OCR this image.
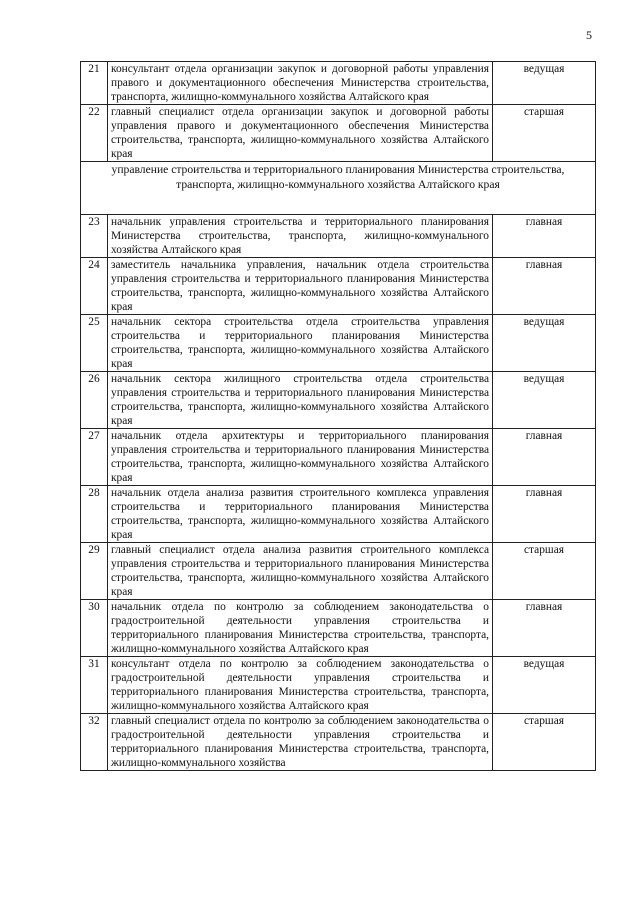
5
21	консультант отдела организации закупок и договорной работы управления правого и документационного обеспечения Министерства строительства, транспорта, жилищно-коммунального хозяйства Алтайского края	ведущая
22	главный специалист отдела организации закупок и договорной работы управления правого и документационного обеспечения Министерства строительства, транспорта, жилищно-коммунального хозяйства Алтайского края	старшая
управление строительства и территориального планирования Министерства строительства, транспорта, жилищно-коммунального хозяйства Алтайского края		
23	начальник управления строительства и территориального планирования Министерства строительства, транспорта, жилищно-коммунального хозяйства Алтайского края	главная
24	заместитель начальника управления, начальник отдела строительства управления строительства и территориального планирования Министерства строительства, транспорта, жилищно-коммунального хозяйства Алтайского края	главная
25	начальник сектора строительства отдела строительства управления строительства и территориального планирования Министерства строительства, транспорта, жилищно-коммунального хозяйства Алтайского края	ведущая
26	начальник сектора жилищного строительства отдела строительства управления строительства и территориального планирования Министерства строительства, транспорта, жилищно-коммунального хозяйства Алтайского края	ведущая
27	начальник отдела архитектуры и территориального планирования управления строительства и территориального планирования Министерства строительства, транспорта, жилищно-коммунального хозяйства Алтайского края	главная
28	начальник отдела анализа развития строительного комплекса управления строительства и территориального планирования Министерства строительства, транспорта, жилищно-коммунального хозяйства Алтайского края	главная
29	главный специалист отдела анализа развития строительного комплекса управления строительства и территориального планирования Министерства строительства, транспорта, жилищно-коммунального хозяйства Алтайского края	старшая
30	начальник отдела по контролю за соблюдением законодательства о градостроительной деятельности управления строительства и территориального планирования Министерства строительства, транспорта, жилищно-коммунального хозяйства Алтайского края	главная
31	консультант отдела по контролю за соблюдением законодательства о градостроительной деятельности управления строительства и территориального планирования Министерства строительства, транспорта, жилищно-коммунального хозяйства Алтайского края	ведущая
32	главный специалист отдела по контролю за соблюдением законодательства о градостроительной деятельности управления строительства и территориального планирования Министерства строительства, транспорта, жилищно-коммунального хозяйства	старшая
